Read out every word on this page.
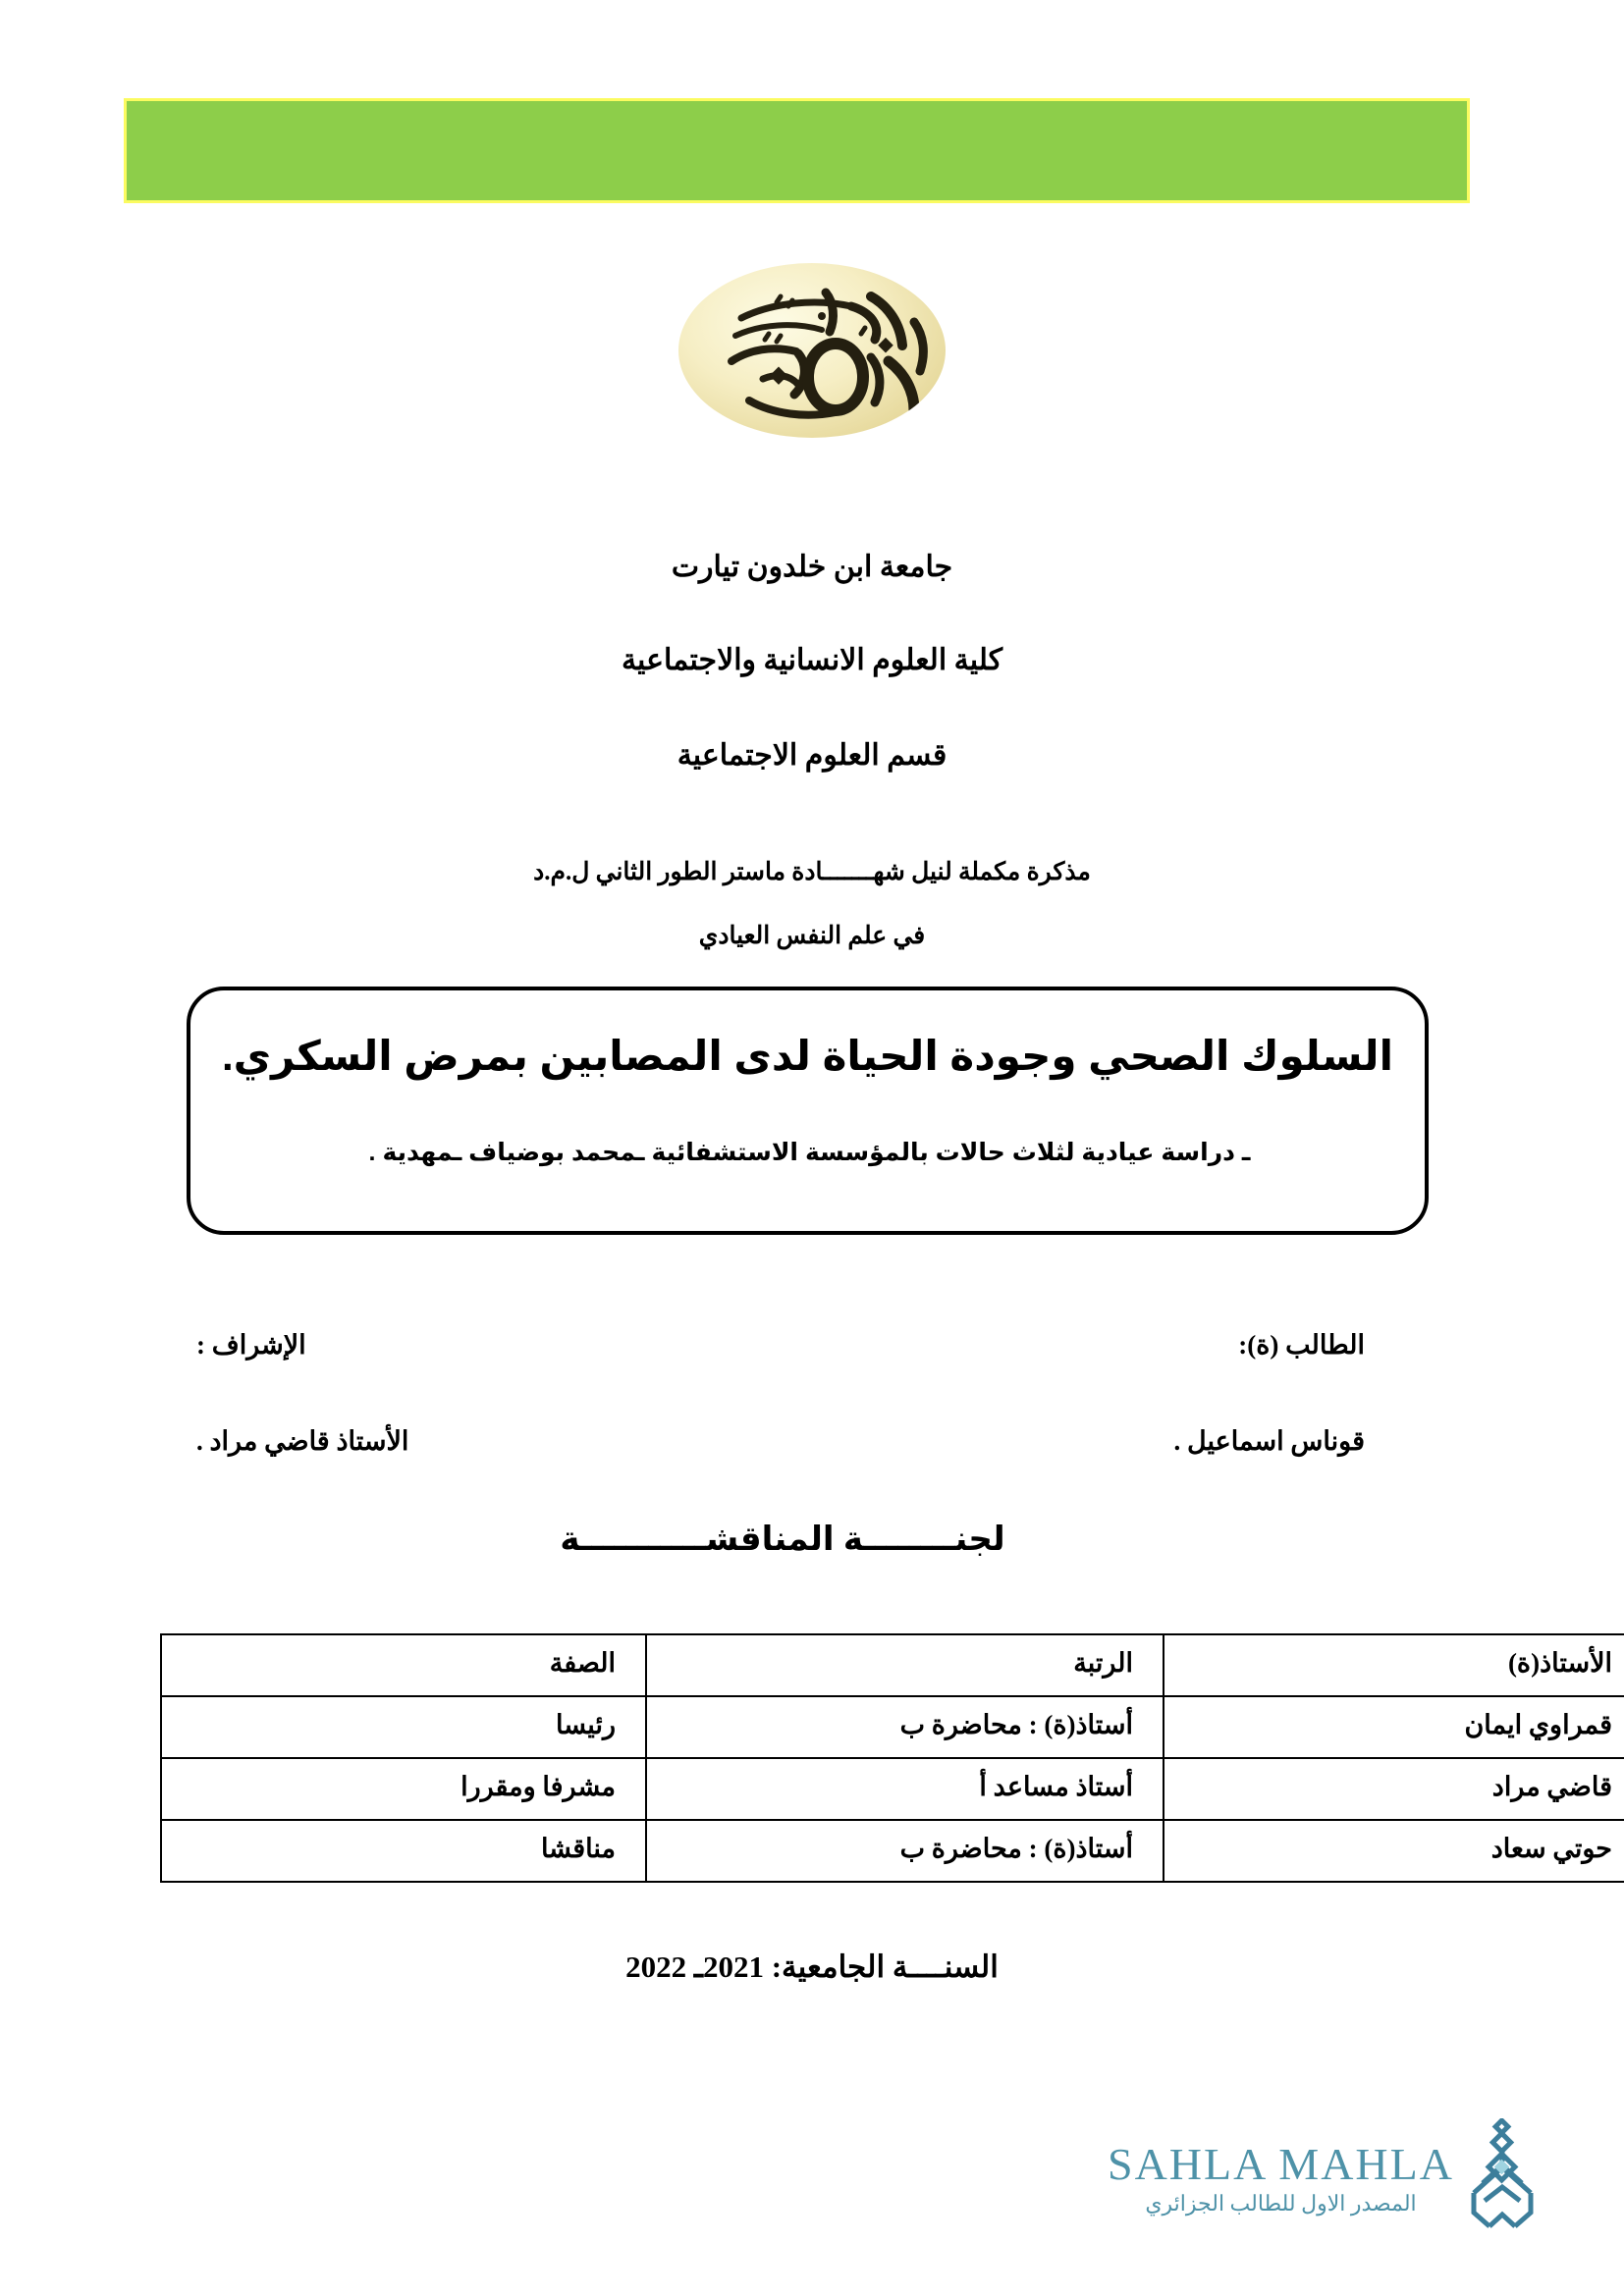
جامعة ابن خلدون تيارت
كلية العلوم الانسانية والاجتماعية
قسم العلوم الاجتماعية
مذكرة مكملة لنيل شهـــــــادة ماستر الطور الثاني ل.م.د
في علم النفس العيادي
السلوك الصحي وجودة الحياة لدى المصابين بمرض السكري.
ـ دراسة عيادية لثلاث حالات بالمؤسسة الاستشفائية ـمحمد بوضياف ـمهدية .
الطالب (ة):
الإشراف :
قوناس اسماعيل .
الأستاذ قاضي مراد .
لجنــــــــة المناقشـــــــــــة
الأستاذ(ة)	الرتبة	الصفة
قمراوي ايمان	أستاذ(ة) : محاضرة ب	رئيسا
قاضي مراد	أستاذ مساعد أ	مشرفا ومقررا
حوتي سعاد	أستاذ(ة) : محاضرة ب	مناقشا
السنــــة الجامعية: 2021ـ 2022
SAHLA MAHLA
المصدر الاول للطالب الجزائري
